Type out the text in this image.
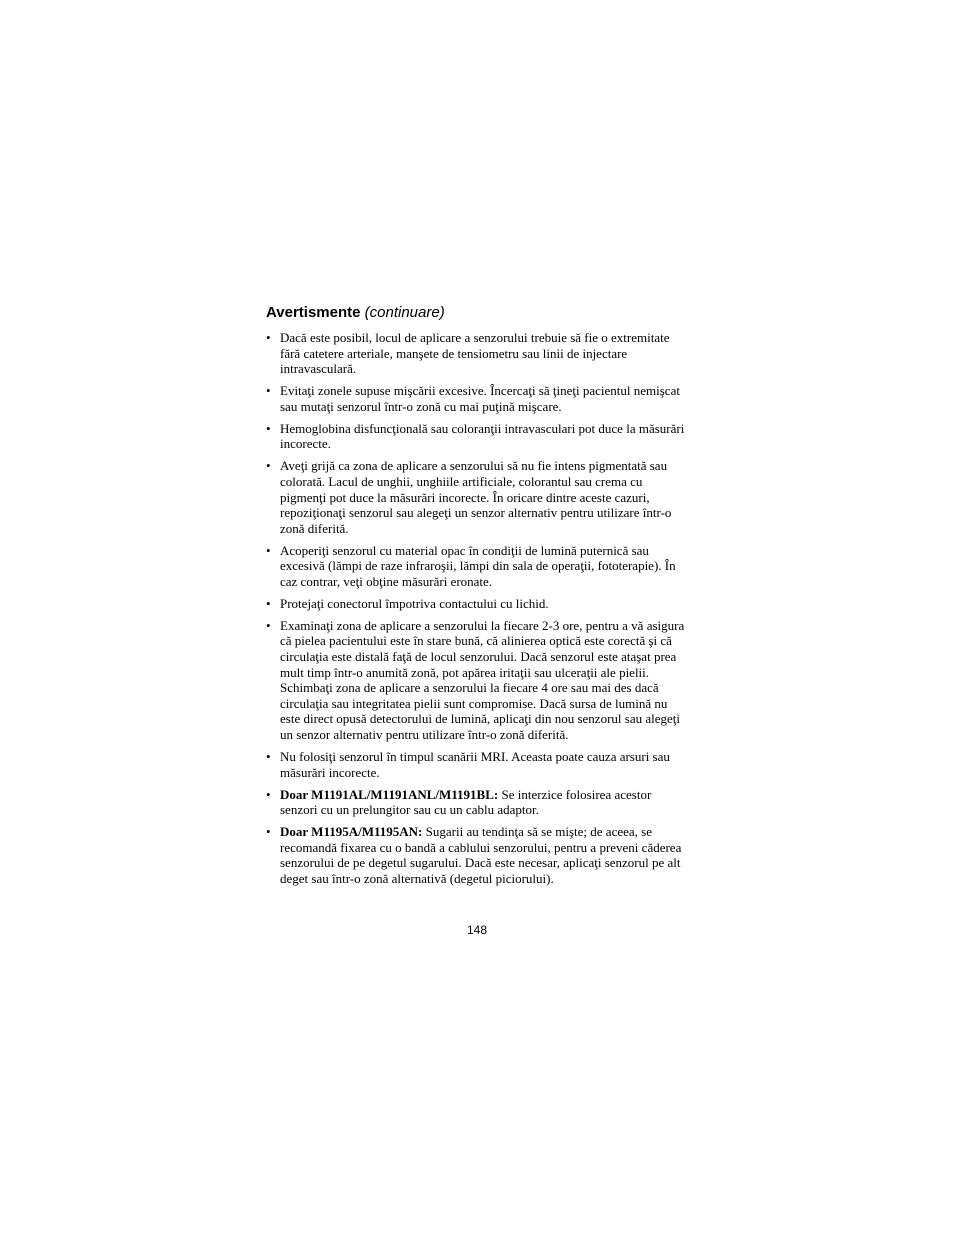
Avertismente (continuare)
• Dacă este posibil, locul de aplicare a senzorului trebuie să fie o extremitate fără catetere arteriale, manşete de tensiometru sau linii de injectare intravasculară.
• Evitaţi zonele supuse mişcării excesive. Încercaţi să ţineţi pacientul nemişcat sau mutaţi senzorul într-o zonă cu mai puţină mişcare.
• Hemoglobina disfuncţională sau coloranţii intravasculari pot duce la măsurări incorecte.
• Aveţi grijă ca zona de aplicare a senzorului să nu fie intens pigmentată sau colorată. Lacul de unghii, unghiile artificiale, colorantul sau crema cu pigmenţi pot duce la măsurări incorecte. În oricare dintre aceste cazuri, repoziţionaţi senzorul sau alegeţi un senzor alternativ pentru utilizare într-o zonă diferită.
• Acoperiţi senzorul cu material opac în condiţii de lumină puternică sau excesivă (lămpi de raze infraroşii, lămpi din sala de operaţii, fototerapie). În caz contrar, veţi obţine măsurări eronate.
• Protejaţi conectorul împotriva contactului cu lichid.
• Examinaţi zona de aplicare a senzorului la fiecare 2-3 ore, pentru a vă asigura că pielea pacientului este în stare bună, că alinierea optică este corectă şi că circulaţia este distală faţă de locul senzorului. Dacă senzorul este ataşat prea mult timp într-o anumită zonă, pot apărea iritaţii sau ulceraţii ale pielii. Schimbaţi zona de aplicare a senzorului la fiecare 4 ore sau mai des dacă circulaţia sau integritatea pielii sunt compromise. Dacă sursa de lumină nu este direct opusă detectorului de lumină, aplicaţi din nou senzorul sau alegeţi un senzor alternativ pentru utilizare într-o zonă diferită.
• Nu folosiţi senzorul în timpul scanării MRI. Aceasta poate cauza arsuri sau măsurări incorecte.
• Doar M1191AL/M1191ANL/M1191BL: Se interzice folosirea acestor senzori cu un prelungitor sau cu un cablu adaptor.
• Doar M1195A/M1195AN: Sugarii au tendinţa să se mişte; de aceea, se recomandă fixarea cu o bandă a cablului senzorului, pentru a preveni căderea senzorului de pe degetul sugarului. Dacă este necesar, aplicaţi senzorul pe alt deget sau într-o zonă alternativă (degetul piciorului).
148
